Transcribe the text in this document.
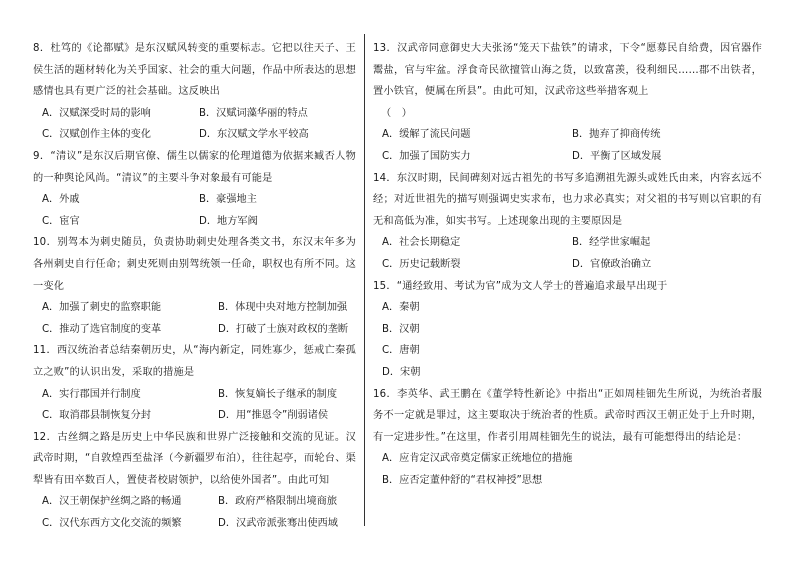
8．杜笃的《论都赋》是东汉赋风转变的重要标志。它把以往天子、王侯生活的题材转化为关乎国家、社会的重大问题，作品中所表达的思想感情也具有更广泛的社会基础。这反映出

A．汉赋深受时局的影响	B．汉赋词藻华丽的特点
C．汉赋创作主体的变化	D．东汉赋文学水平较高

9．“清议”是东汉后期官僚、儒生以儒家的伦理道德为依据来臧否人物的一种舆论风尚。“清议”的主要斗争对象最有可能是

A．外戚	B．豪强地主
C．宦官	D．地方军阀

10．别驾本为刺史随员，负责协助刺史处理各类文书，东汉末年多为各州刺史自行任命；刺史死则由别驾统领一任命，职权也有所不同。这一变化

A．加强了刺史的监察职能	B．体现中央对地方控制加强
C．推动了选官制度的变革	D．打破了士族对政权的垄断

11．西汉统治者总结秦朝历史，从“海内新定，同姓寡少，惩戒亡秦孤立之败”的认识出发，采取的措施是

A．实行郡国并行制度	B．恢复嫡长子继承的制度
C．取消郡县制恢复分封	D．用“推恩令”削弱诸侯

12．古丝绸之路是历史上中华民族和世界广泛接触和交流的见证。汉武帝时期，“自敦煌西至盐泽（今新疆罗布泊），往往起亭，而轮台、渠犁皆有田卒数百人，置使者校尉领护，以给使外国者”。由此可知

A．汉王朝保护丝绸之路的畅通	B．政府严格限制出境商旅
C．汉代东西方文化交流的频繁	D．汉武帝派张骞出使西域

13．汉武帝同意御史大夫张汤“笼天下盐铁”的请求，下令“愿募民自给费，因官器作鬻盐，官与牢盆。浮食奇民欲擅管山海之货，以致富羡，役利细民……郡不出铁者，置小铁官，便属在所县”。由此可知，汉武帝这些举措客观上

（　）

A．缓解了流民问题	B．抛弃了抑商传统
C．加强了国防实力	D．平衡了区域发展

14．东汉时期，民间碑刻对远古祖先的书写多追溯祖先源头或姓氏由来，内容玄远不经；对近世祖先的描写则强调史实求布，也力求必真实；对父祖的书写则以官职的有无和高低为准，如实书写。上述现象出现的主要原因是

A．社会长期稳定	B．经学世家崛起
C．历史记载断裂	D．官僚政治确立

15．“通经致用、考试为官”成为文人学士的普遍追求最早出现于

A．秦朝
B．汉朝
C．唐朝
D．宋朝

16．李英华、武王鹏在《董学特性新论》中指出“正如周桂钿先生所说，为统治者服务不一定就是罪过，这主要取决于统治者的性质。武帝时西汉王朝正处于上升时期，有一定进步性。”在这里，作者引用周桂钿先生的说法，最有可能想得出的结论是：

A．应肯定汉武帝奠定儒家正统地位的措施
B．应否定董仲舒的“君权神授”思想
